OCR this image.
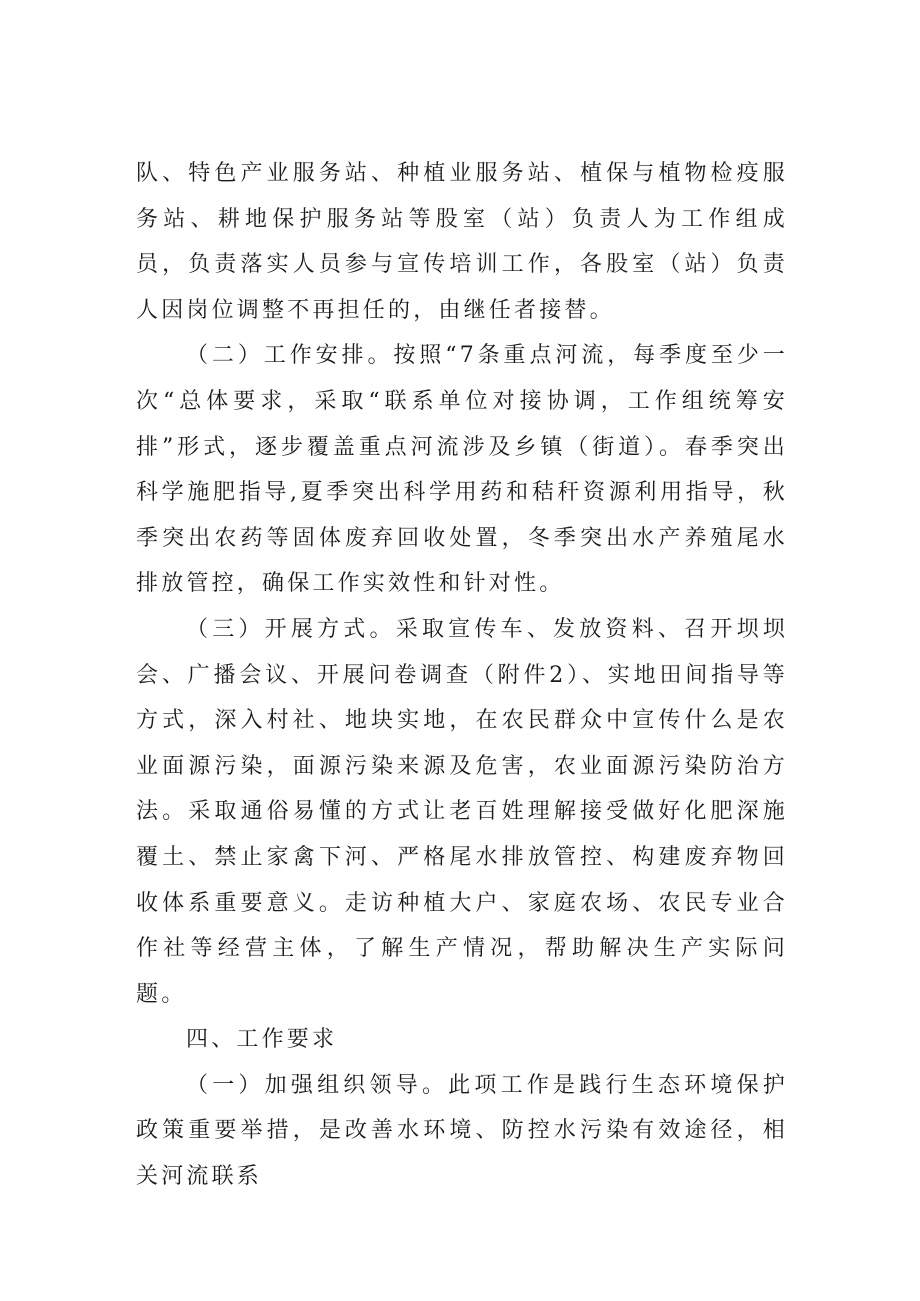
队、特色产业服务站、种植业服务站、植保与植物检疫服务站、耕地保护服务站等股室（站）负责人为工作组成员，负责落实人员参与宣传培训工作，各股室（站）负责人因岗位调整不再担任的，由继任者接替。

（二）工作安排。按照“7条重点河流，每季度至少一次“总体要求，采取“联系单位对接协调，工作组统筹安排”形式，逐步覆盖重点河流涉及乡镇（街道）。春季突出科学施肥指导,夏季突出科学用药和秸秆资源利用指导，秋季突出农药等固体废弃回收处置，冬季突出水产养殖尾水排放管控，确保工作实效性和针对性。

（三）开展方式。采取宣传车、发放资料、召开坝坝会、广播会议、开展问卷调查（附件2）、实地田间指导等方式，深入村社、地块实地，在农民群众中宣传什么是农业面源污染，面源污染来源及危害，农业面源污染防治方法。采取通俗易懂的方式让老百姓理解接受做好化肥深施覆土、禁止家禽下河、严格尾水排放管控、构建废弃物回收体系重要意义。走访种植大户、家庭农场、农民专业合作社等经营主体，了解生产情况，帮助解决生产实际问题。

四、工作要求

（一）加强组织领导。此项工作是践行生态环境保护政策重要举措，是改善水环境、防控水污染有效途径，相关河流联系
